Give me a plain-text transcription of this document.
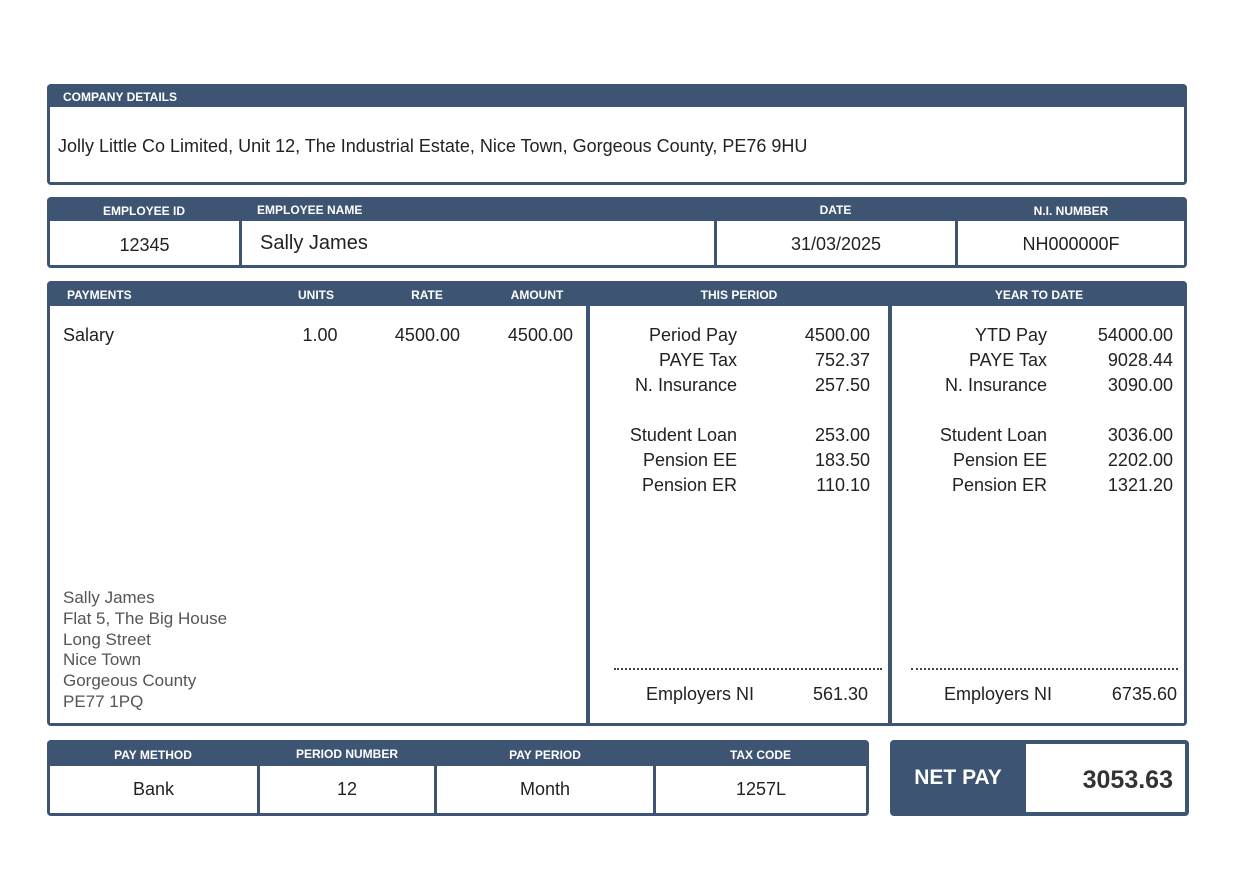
COMPANY DETAILS
Jolly Little Co Limited, Unit 12, The Industrial Estate, Nice Town, Gorgeous County, PE76 9HU
EMPLOYEE ID	EMPLOYEE NAME	DATE	N.I. NUMBER
12345	Sally James	31/03/2025	NH000000F
PAYMENTS	UNITS	RATE	AMOUNT	THIS PERIOD	YEAR TO DATE
Salary	1.00	4500.00	4500.00
Sally James
Flat 5, The Big House
Long Street
Nice Town
Gorgeous County
PE77 1PQ
Period Pay	4500.00
PAYE Tax	752.37
N. Insurance	257.50
Student Loan	253.00
Pension EE	183.50
Pension ER	110.10
YTD Pay	54000.00
PAYE Tax	9028.44
N. Insurance	3090.00
Student Loan	3036.00
Pension EE	2202.00
Pension ER	1321.20
Employers NI	561.30	Employers NI	6735.60
PAY METHOD	PERIOD NUMBER	PAY PERIOD	TAX CODE
Bank	12	Month	1257L	NET PAY	3053.63
